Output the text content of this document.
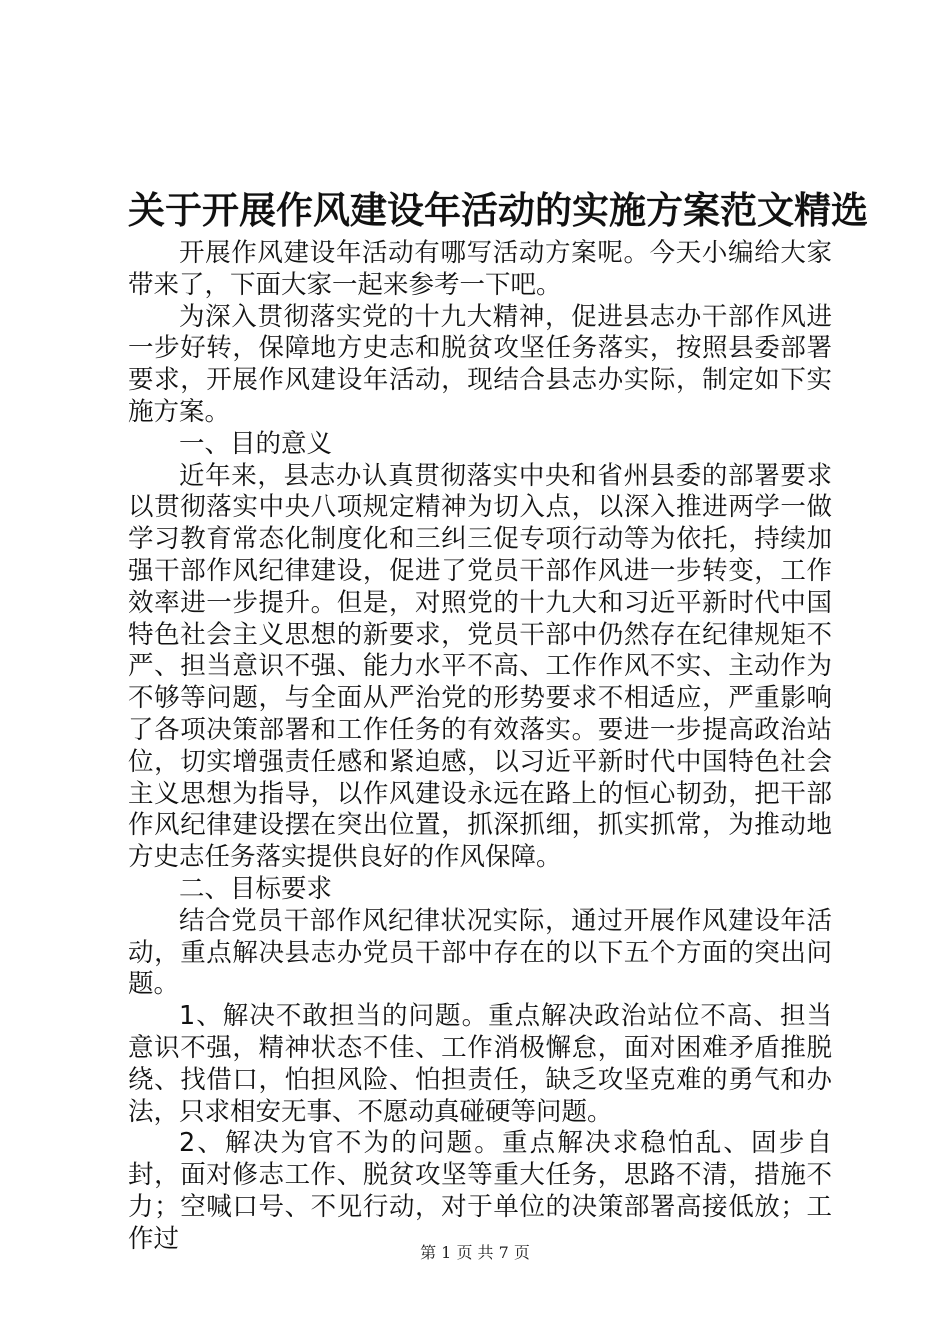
关于开展作风建设年活动的实施方案范文精选

开展作风建设年活动有哪写活动方案呢。今天小编给大家带来了，下面大家一起来参考一下吧。

为深入贯彻落实党的十九大精神，促进县志办干部作风进一步好转，保障地方史志和脱贫攻坚任务落实，按照县委部署要求，开展作风建设年活动，现结合县志办实际，制定如下实施方案。

一、目的意义

近年来，县志办认真贯彻落实中央和省州县委的部署要求以贯彻落实中央八项规定精神为切入点，以深入推进两学一做学习教育常态化制度化和三纠三促专项行动等为依托，持续加强干部作风纪律建设，促进了党员干部作风进一步转变，工作效率进一步提升。但是，对照党的十九大和习近平新时代中国特色社会主义思想的新要求，党员干部中仍然存在纪律规矩不严、担当意识不强、能力水平不高、工作作风不实、主动作为不够等问题，与全面从严治党的形势要求不相适应，严重影响了各项决策部署和工作任务的有效落实。要进一步提高政治站位，切实增强责任感和紧迫感，以习近平新时代中国特色社会主义思想为指导，以作风建设永远在路上的恒心韧劲，把干部作风纪律建设摆在突出位置，抓深抓细，抓实抓常，为推动地方史志任务落实提供良好的作风保障。

二、目标要求

结合党员干部作风纪律状况实际，通过开展作风建设年活动，重点解决县志办党员干部中存在的以下五个方面的突出问题。

1、解决不敢担当的问题。重点解决政治站位不高、担当意识不强，精神状态不佳、工作消极懈怠，面对困难矛盾推脱绕、找借口，怕担风险、怕担责任，缺乏攻坚克难的勇气和办法，只求相安无事、不愿动真碰硬等问题。

2、解决为官不为的问题。重点解决求稳怕乱、固步自封，面对修志工作、脱贫攻坚等重大任务，思路不清，措施不力；空喊口号、不见行动，对于单位的决策部署高接低放；工作过	第 1 页 共 7 页
